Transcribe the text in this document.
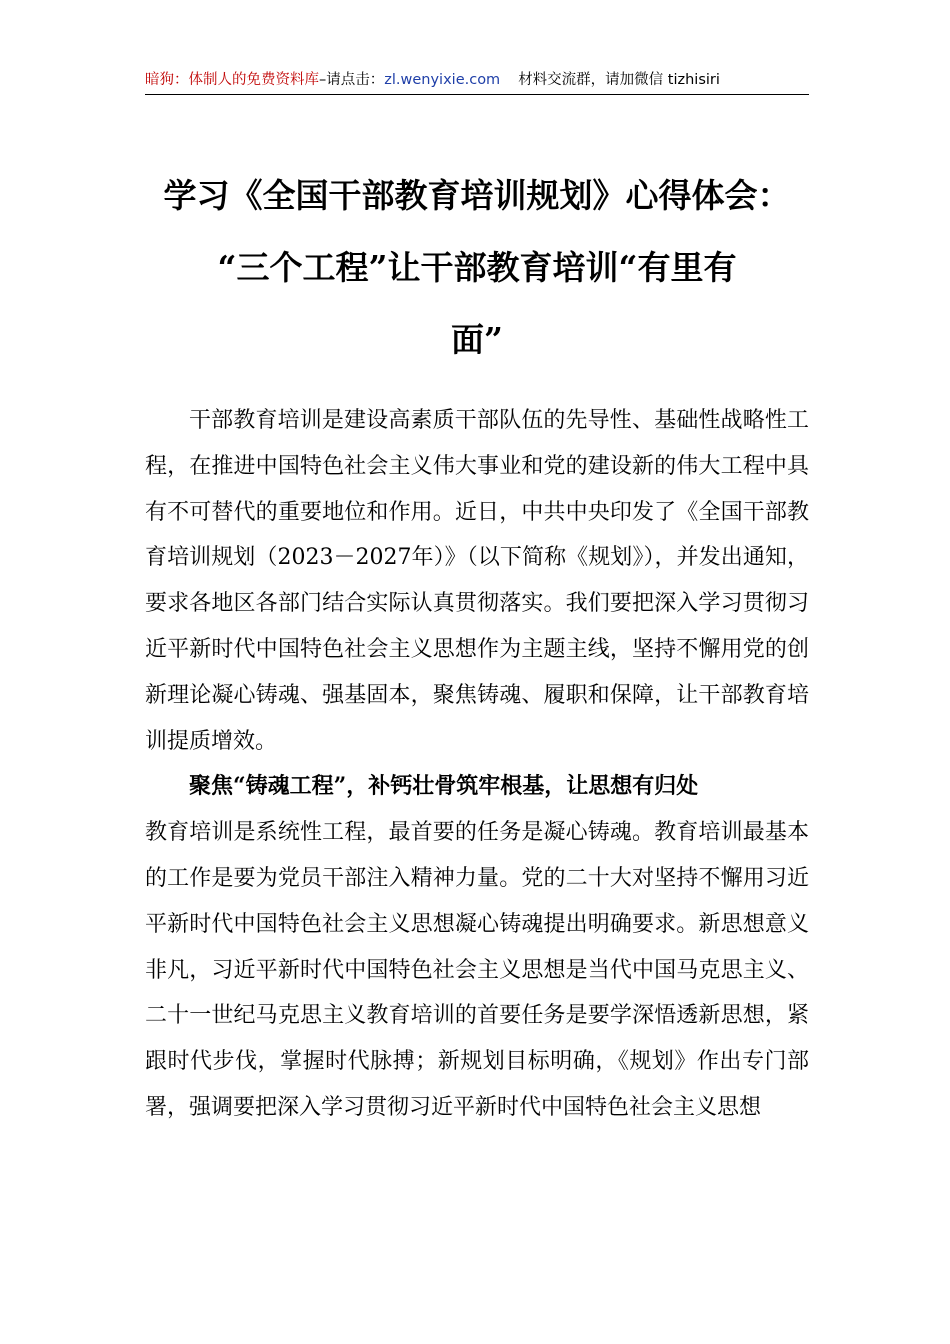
暗狗：体制人的免费资料库–请点击：zl.wenyixie.com 材料交流群，请加微信 tizhisiri
学习《全国干部教育培训规划》心得体会：
“三个工程”让干部教育培训“有里有
面”

干部教育培训是建设高素质干部队伍的先导性、基础性战略性工程，在推进中国特色社会主义伟大事业和党的建设新的伟大工程中具有不可替代的重要地位和作用。近日，中共中央印发了《全国干部教育培训规划（2023－2027年）》（以下简称《规划》），并发出通知，要求各地区各部门结合实际认真贯彻落实。我们要把深入学习贯彻习近平新时代中国特色社会主义思想作为主题主线，坚持不懈用党的创新理论凝心铸魂、强基固本，聚焦铸魂、履职和保障，让干部教育培训提质增效。

聚焦“铸魂工程”，补钙壮骨筑牢根基，让思想有归处

教育培训是系统性工程，最首要的任务是凝心铸魂。教育培训最基本的工作是要为党员干部注入精神力量。党的二十大对坚持不懈用习近平新时代中国特色社会主义思想凝心铸魂提出明确要求。新思想意义非凡，习近平新时代中国特色社会主义思想是当代中国马克思主义、二十一世纪马克思主义教育培训的首要任务是要学深悟透新思想，紧跟时代步伐，掌握时代脉搏；新规划目标明确，《规划》作出专门部署，强调要把深入学习贯彻习近平新时代中国特色社会主义思想
